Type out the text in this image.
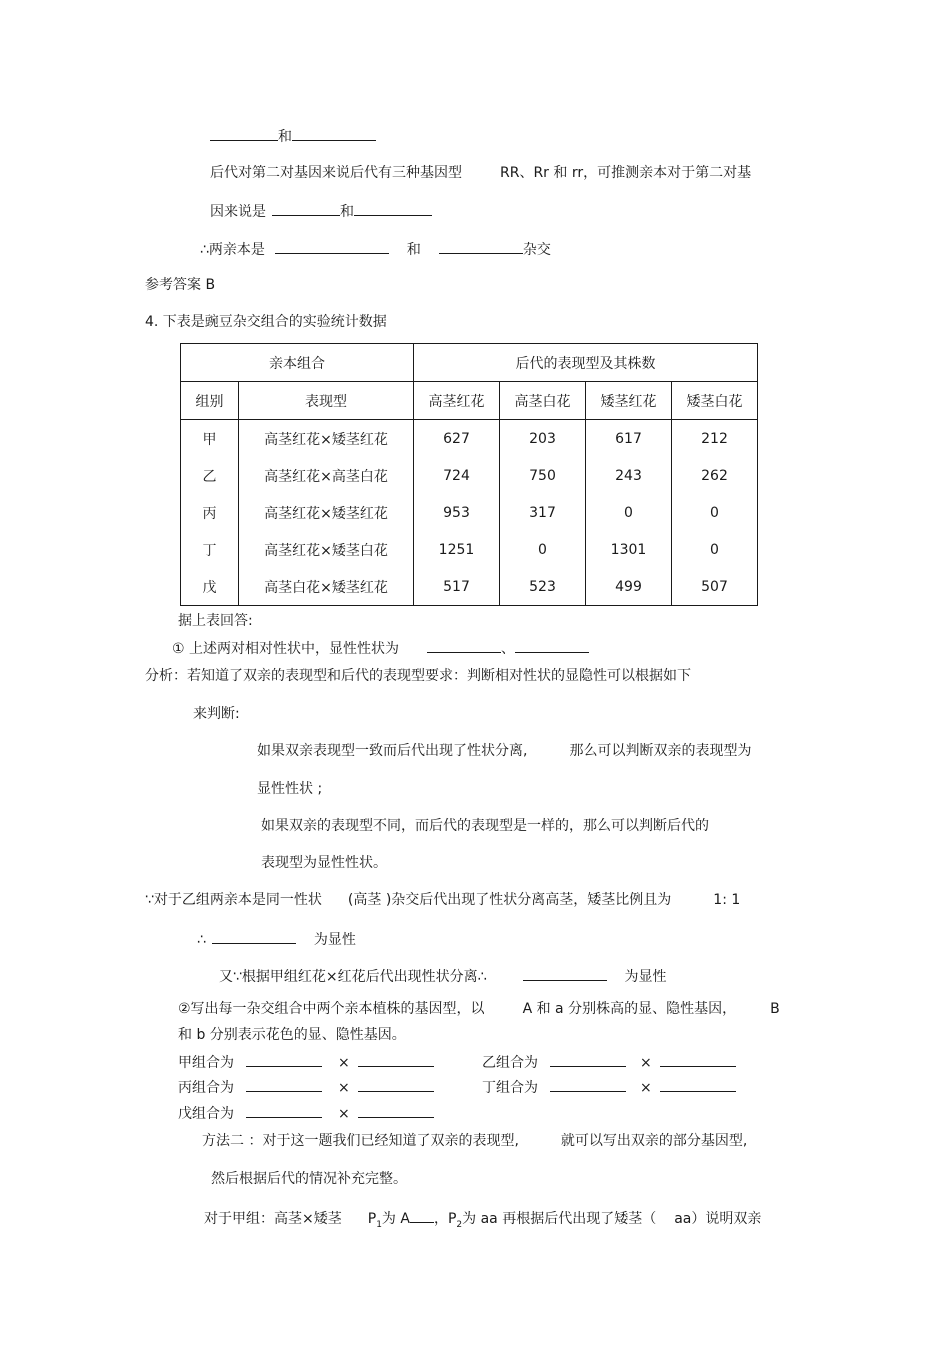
和
后代对第二对基因来说后代有三种基因型	RR、Rr 和 rr，可推测亲本对于第二对基
因来说是	和
∴两亲本是	和	杂交
参考答案 B
4. 下表是豌豆杂交组合的实验统计数据
亲本组合		后代的表现型及其株数			
组别	表现型	高茎红花	高茎白花	矮茎红花	矮茎白花
甲	高茎红花×矮茎红花	627	203	617	212
乙	高茎红花×高茎白花	724	750	243	262
丙	高茎红花×矮茎红花	953	317	0	0
丁	高茎红花×矮茎白花	1251	0	1301	0
戊	高茎白花×矮茎红花	517	523	499	507
据上表回答:
① 上述两对相对性状中，显性性状为	、
分析：若知道了双亲的表现型和后代的表现型要求：判断相对性状的显隐性可以根据如下
来判断:
如果双亲表现型一致而后代出现了性状分离,	那么可以判断双亲的表现型为
显性性状 ;
如果双亲的表现型不同，而后代的表现型是一样的，那么可以判断后代的
表现型为显性性状。
∵对于乙组两亲本是同一性状 (高茎 )杂交后代出现了性状分离高茎，矮茎比例且为	1: 1
∴	为显性
又∵根据甲组红花×红花后代出现性状分离∴	为显性
②写出每一杂交组合中两个亲本植株的基因型，以	A 和 a 分别株高的显、隐性基因， B
和 b 分别表示花色的显、隐性基因。
甲组合为	×	乙组合为	×
丙组合为	×	丁组合为	×
戊组合为	×
方法二 ：对于这一题我们已经知道了双亲的表现型,	就可以写出双亲的部分基因型,
然后根据后代的情况补充完整。
对于甲组：高茎×矮茎 $P_1$为 A ，$P_2$为 aa 再根据后代出现了矮茎（ aa）说明双亲
